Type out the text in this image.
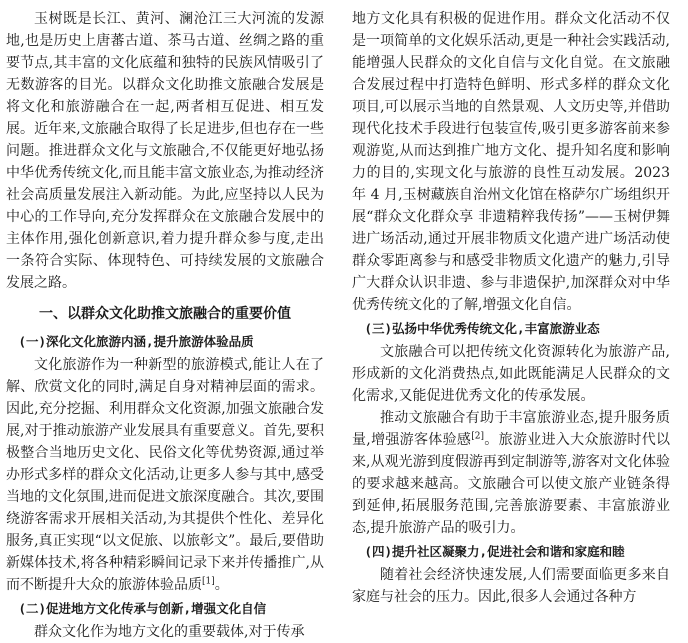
玉树既是长江、黄河、澜沧江三大河流的发源地,也是历史上唐蕃古道、茶马古道、丝绸之路的重要节点,其丰富的文化底蕴和独特的民族风情吸引了无数游客的目光。以群众文化助推文旅融合发展是将文化和旅游融合在一起,两者相互促进、相互发展。近年来,文旅融合取得了长足进步,但也存在一些问题。推进群众文化与文旅融合,不仅能更好地弘扬中华优秀传统文化,而且能丰富文旅业态,为推动经济社会高质量发展注入新动能。为此,应坚持以人民为中心的工作导向,充分发挥群众在文旅融合发展中的主体作用,强化创新意识,着力提升群众参与度,走出一条符合实际、体现特色、可持续发展的文旅融合发展之路。

一、以群众文化助推文旅融合的重要价值
(一)深化文化旅游内涵,提升旅游体验品质

文化旅游作为一种新型的旅游模式,能让人在了解、欣赏文化的同时,满足自身对精神层面的需求。因此,充分挖掘、利用群众文化资源,加强文旅融合发展,对于推动旅游产业发展具有重要意义。首先,要积极整合当地历史文化、民俗文化等优势资源,通过举办形式多样的群众文化活动,让更多人参与其中,感受当地的文化氛围,进而促进文旅深度融合。其次,要围绕游客需求开展相关活动,为其提供个性化、差异化服务,真正实现“以文促旅、以旅彰文”。最后,要借助新媒体技术,将各种精彩瞬间记录下来并传播推广,从而不断提升大众的旅游体验品质[1]。

(二)促进地方文化传承与创新,增强文化自信

群众文化作为地方文化的重要载体,对于传承

地方文化具有积极的促进作用。群众文化活动不仅是一项简单的文化娱乐活动,更是一种社会实践活动,能增强人民群众的文化自信与文化自觉。在文旅融合发展过程中打造特色鲜明、形式多样的群众文化项目,可以展示当地的自然景观、人文历史等,并借助现代化技术手段进行包装宣传,吸引更多游客前来参观游览,从而达到推广地方文化、提升知名度和影响力的目的,实现文化与旅游的良性互动发展。2023 年 4 月,玉树藏族自治州文化馆在格萨尔广场组织开展“群众文化群众享 非遗精粹我传扬”——玉树伊舞进广场活动,通过开展非物质文化遗产进广场活动使群众零距离参与和感受非物质文化遗产的魅力,引导广大群众认识非遗、参与非遗保护,加深群众对中华优秀传统文化的了解,增强文化自信。

(三)弘扬中华优秀传统文化,丰富旅游业态

文旅融合可以把传统文化资源转化为旅游产品,形成新的文化消费热点,如此既能满足人民群众的文化需求,又能促进优秀文化的传承发展。

推动文旅融合有助于丰富旅游业态,提升服务质量,增强游客体验感[2]。旅游业进入大众旅游时代以来,从观光游到度假游再到定制游等,游客对文化体验的要求越来越高。文旅融合可以使文旅产业链条得到延伸,拓展服务范围,完善旅游要素、丰富旅游业态,提升旅游产品的吸引力。

(四)提升社区凝聚力,促进社会和谐和家庭和睦

随着社会经济快速发展,人们需要面临更多来自家庭与社会的压力。因此,很多人会通过各种方
